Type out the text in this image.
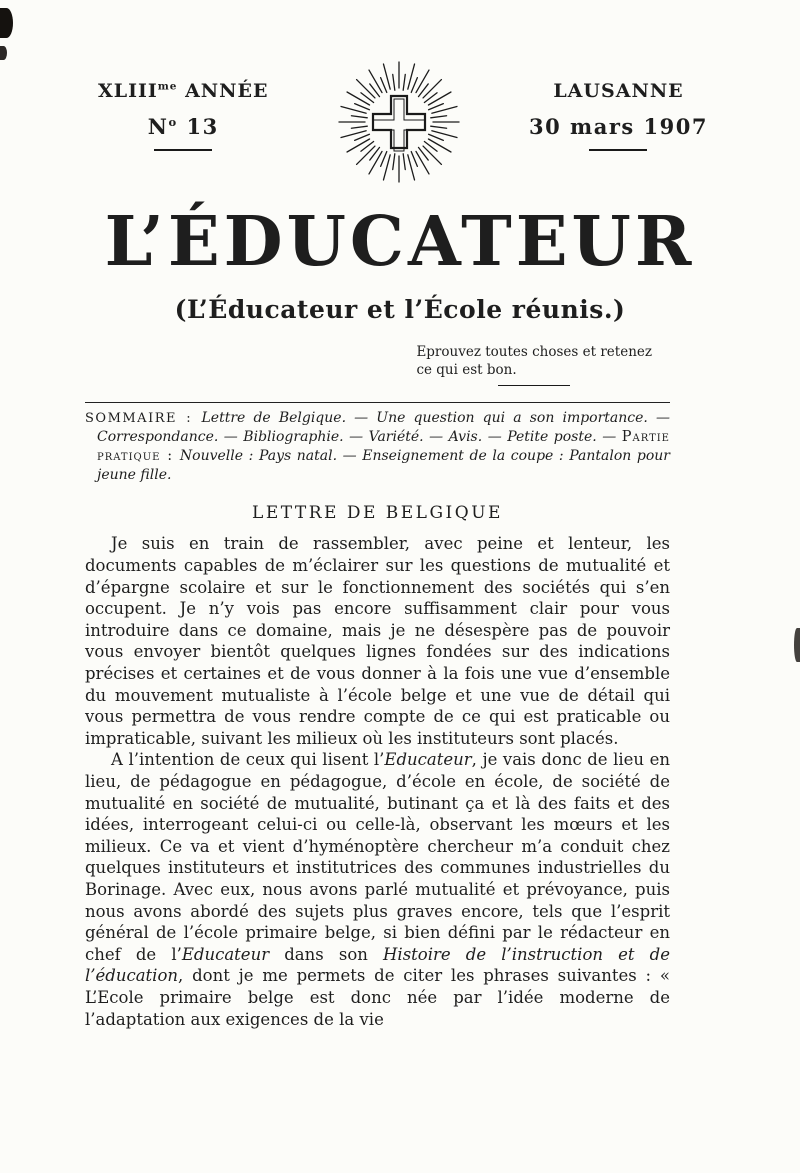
$XLIII^{me}$ ANNÉE
$N^o$ 13
LAUSANNE
30 mars 1907
L’ÉDUCATEUR
(L’Éducateur et l’École réunis.)
Eprouvez toutes choses et retenez
ce qui est bon.

SOMMAIRE : Lettre de Belgique. — Une question qui a son importance. — Correspondance. — Bibliographie. — Variété. — Avis. — Petite poste. — Partie pratique : Nouvelle : Pays natal. — Enseignement de la coupe : Pantalon pour jeune fille.

LETTRE DE BELGIQUE

Je suis en train de rassembler, avec peine et lenteur, les documents capables de m’éclairer sur les questions de mutualité et d’épargne scolaire et sur le fonctionnement des sociétés qui s’en occupent. Je n’y vois pas encore suffisamment clair pour vous introduire dans ce domaine, mais je ne désespère pas de pouvoir vous envoyer bientôt quelques lignes fondées sur des indications précises et certaines et de vous donner à la fois une vue d’ensemble du mouvement mutualiste à l’école belge et une vue de détail qui vous permettra de vous rendre compte de ce qui est praticable ou impraticable, suivant les milieux où les instituteurs sont placés.

A l’intention de ceux qui lisent l’Educateur, je vais donc de lieu en lieu, de pédagogue en pédagogue, d’école en école, de société de mutualité en société de mutualité, butinant ça et là des faits et des idées, interrogeant celui-ci ou celle-là, observant les mœurs et les milieux. Ce va et vient d’hyménoptère chercheur m’a conduit chez quelques instituteurs et institutrices des communes industrielles du Borinage. Avec eux, nous avons parlé mutualité et prévoyance, puis nous avons abordé des sujets plus graves encore, tels que l’esprit général de l’école primaire belge, si bien défini par le rédacteur en chef de l’Educateur dans son Histoire de l’instruction et de l’éducation, dont je me permets de citer les phrases suivantes : « L’Ecole primaire belge est donc née par l’idée moderne de l’adaptation aux exigences de la vie
